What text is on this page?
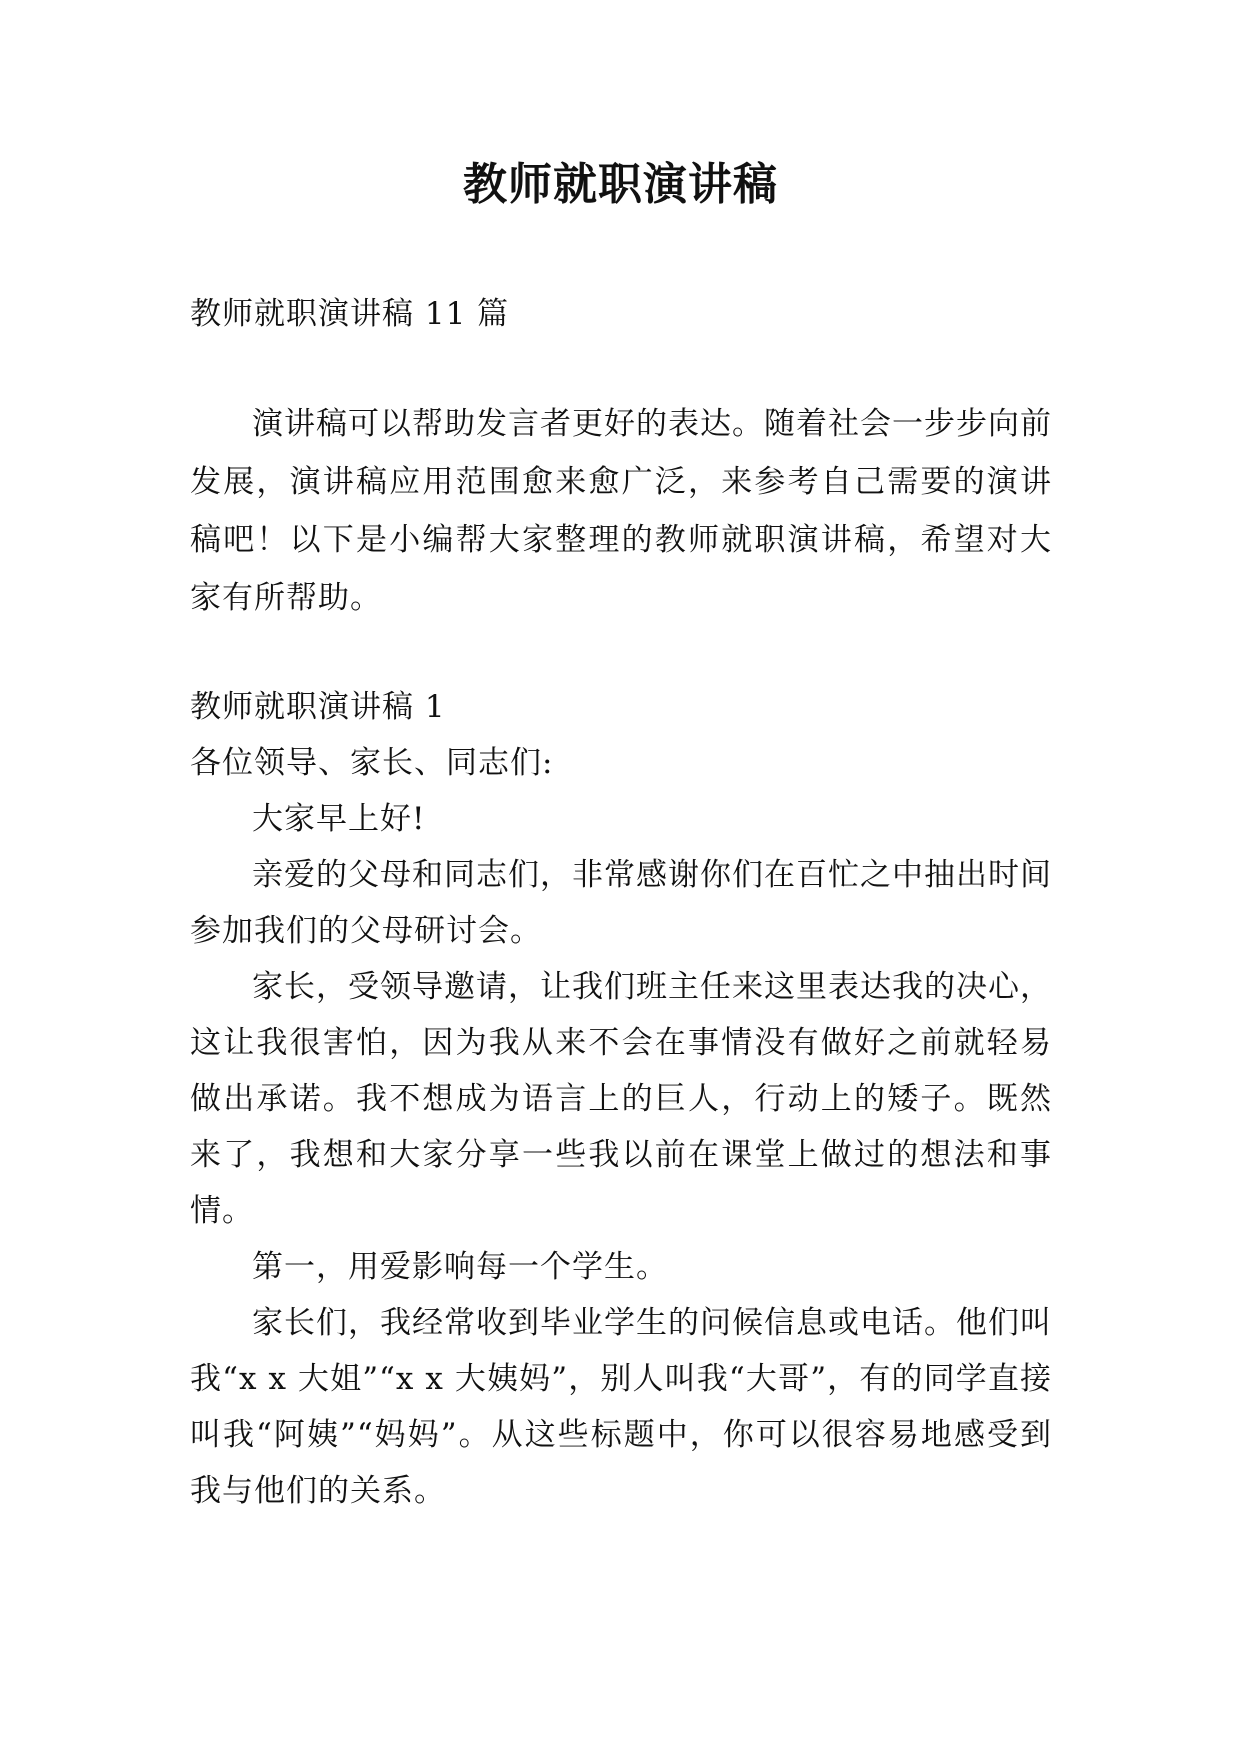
教师就职演讲稿

教师就职演讲稿 11 篇

演讲稿可以帮助发言者更好的表达。随着社会一步步向前发展，演讲稿应用范围愈来愈广泛，来参考自己需要的演讲稿吧！以下是小编帮大家整理的教师就职演讲稿，希望对大家有所帮助。

教师就职演讲稿 1

各位领导、家长、同志们:

大家早上好!

亲爱的父母和同志们，非常感谢你们在百忙之中抽出时间参加我们的父母研讨会。

家长，受领导邀请，让我们班主任来这里表达我的决心，这让我很害怕，因为我从来不会在事情没有做好之前就轻易做出承诺。我不想成为语言上的巨人，行动上的矮子。既然来了，我想和大家分享一些我以前在课堂上做过的想法和事情。

第一，用爱影响每一个学生。

家长们，我经常收到毕业学生的问候信息或电话。他们叫我“x x 大姐”“x x 大姨妈”，别人叫我“大哥”，有的同学直接叫我“阿姨”“妈妈”。从这些标题中，你可以很容易地感受到我与他们的关系。
